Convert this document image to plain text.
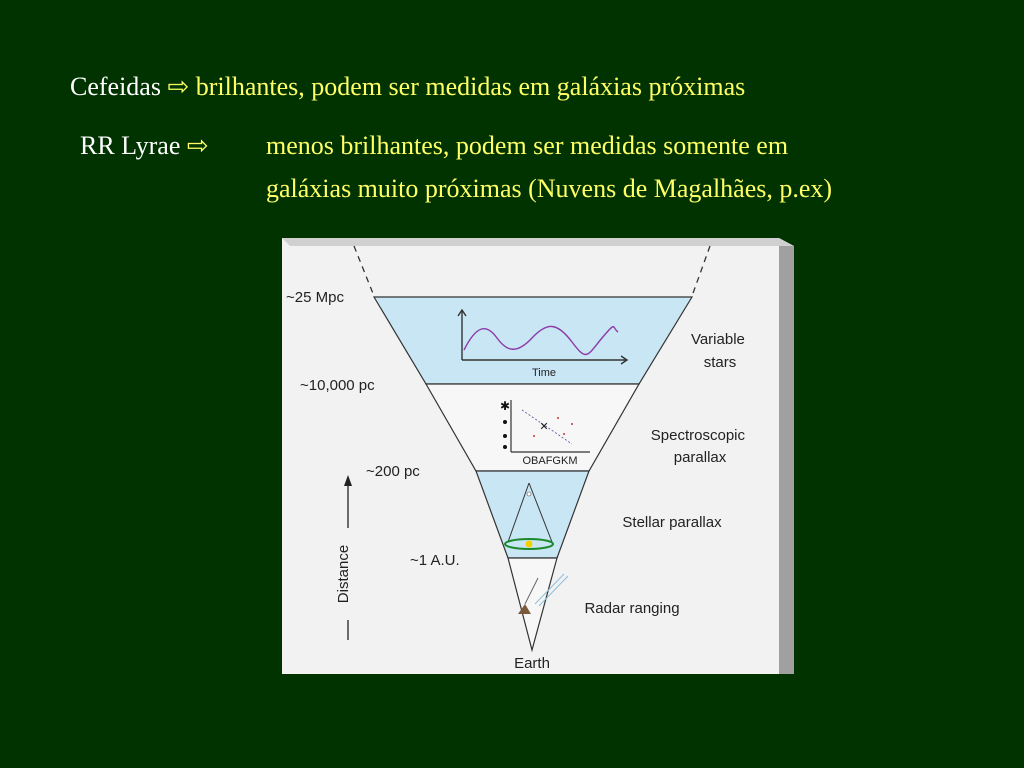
Cefeidas ⇨ brilhantes, podem ser medidas em galáxias próximas
RR Lyrae ⇨ menos brilhantes, podem ser medidas somente em
galáxias muito próximas (Nuvens de Magalhães, p.ex)
Time
✱
✕
OBAFGKM
~25 Mpc
~10,000 pc
~200 pc
~1 A.U.
Variable stars
Spectroscopic parallax
Stellar parallax
Radar ranging
Distance
Earth
